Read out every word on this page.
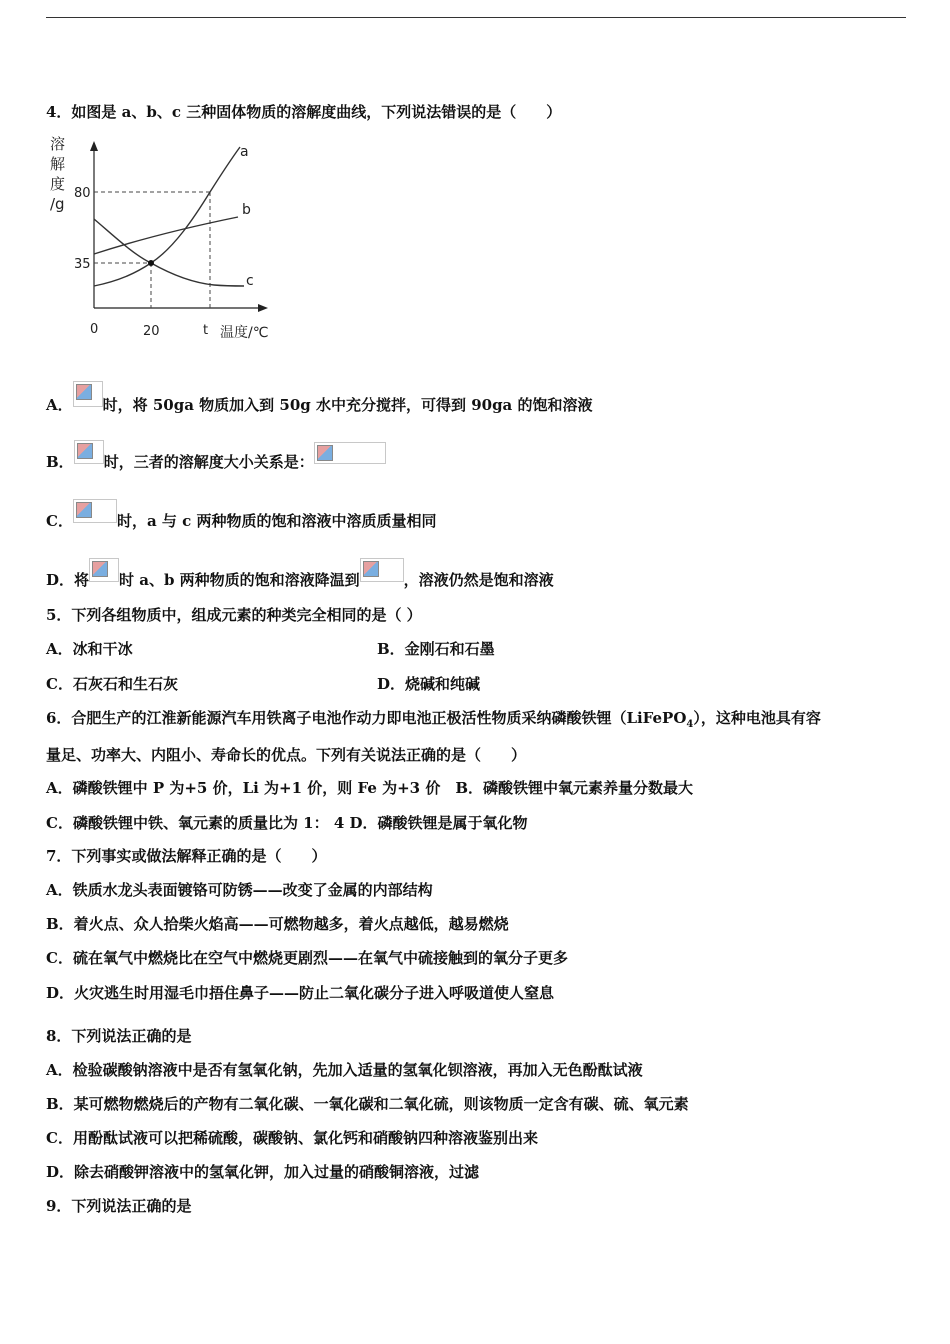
4．如图是 a、b、c 三种固体物质的溶解度曲线，下列说法错误的是（　　）
溶
解
度
/g
a
b
c
80
35
0	20	t 温度/℃
A． 时，将 50ga 物质加入到 50g 水中充分搅拌，可得到 90ga 的饱和溶液
B． 时，三者的溶解度大小关系是：
C．	时，a 与 c 两种物质的饱和溶液中溶质质量相同
D．将 时 a、b 两种物质的饱和溶液降温到	，溶液仍然是饱和溶液
5．下列各组物质中，组成元素的种类完全相同的是（ ）
A．冰和干冰	B．金刚石和石墨
C．石灰石和生石灰	D．烧碱和纯碱
6．合肥生产的江淮新能源汽车用铁离子电池作动力即电池正极活性物质采纳磷酸铁锂（LiFePO$_4$），这种电池具有容
量足、功率大、内阻小、寿命长的优点。下列有关说法正确的是（　　）
A．磷酸铁锂中 P 为+5 价，Li 为+1 价，则 Fe 为+3 价　B．磷酸铁锂中氧元素养量分数最大
C．磷酸铁锂中铁、氧元素的质量比为 1： 4 D．磷酸铁锂是属于氧化物
7．下列事实或做法解释正确的是（　　）
A．铁质水龙头表面镀铬可防锈——改变了金属的内部结构
B．着火点、众人拾柴火焰高——可燃物越多，着火点越低，越易燃烧
C．硫在氧气中燃烧比在空气中燃烧更剧烈——在氧气中硫接触到的氧分子更多
D．火灾逃生时用湿毛巾捂住鼻子——防止二氧化碳分子进入呼吸道使人窒息
8．下列说法正确的是
A．检验碳酸钠溶液中是否有氢氧化钠，先加入适量的氢氧化钡溶液，再加入无色酚酞试液
B．某可燃物燃烧后的产物有二氧化碳、一氧化碳和二氧化硫，则该物质一定含有碳、硫、氧元素
C．用酚酞试液可以把稀硫酸，碳酸钠、氯化钙和硝酸钠四种溶液鉴别出来
D．除去硝酸钾溶液中的氢氧化钾，加入过量的硝酸铜溶液，过滤
9．下列说法正确的是
